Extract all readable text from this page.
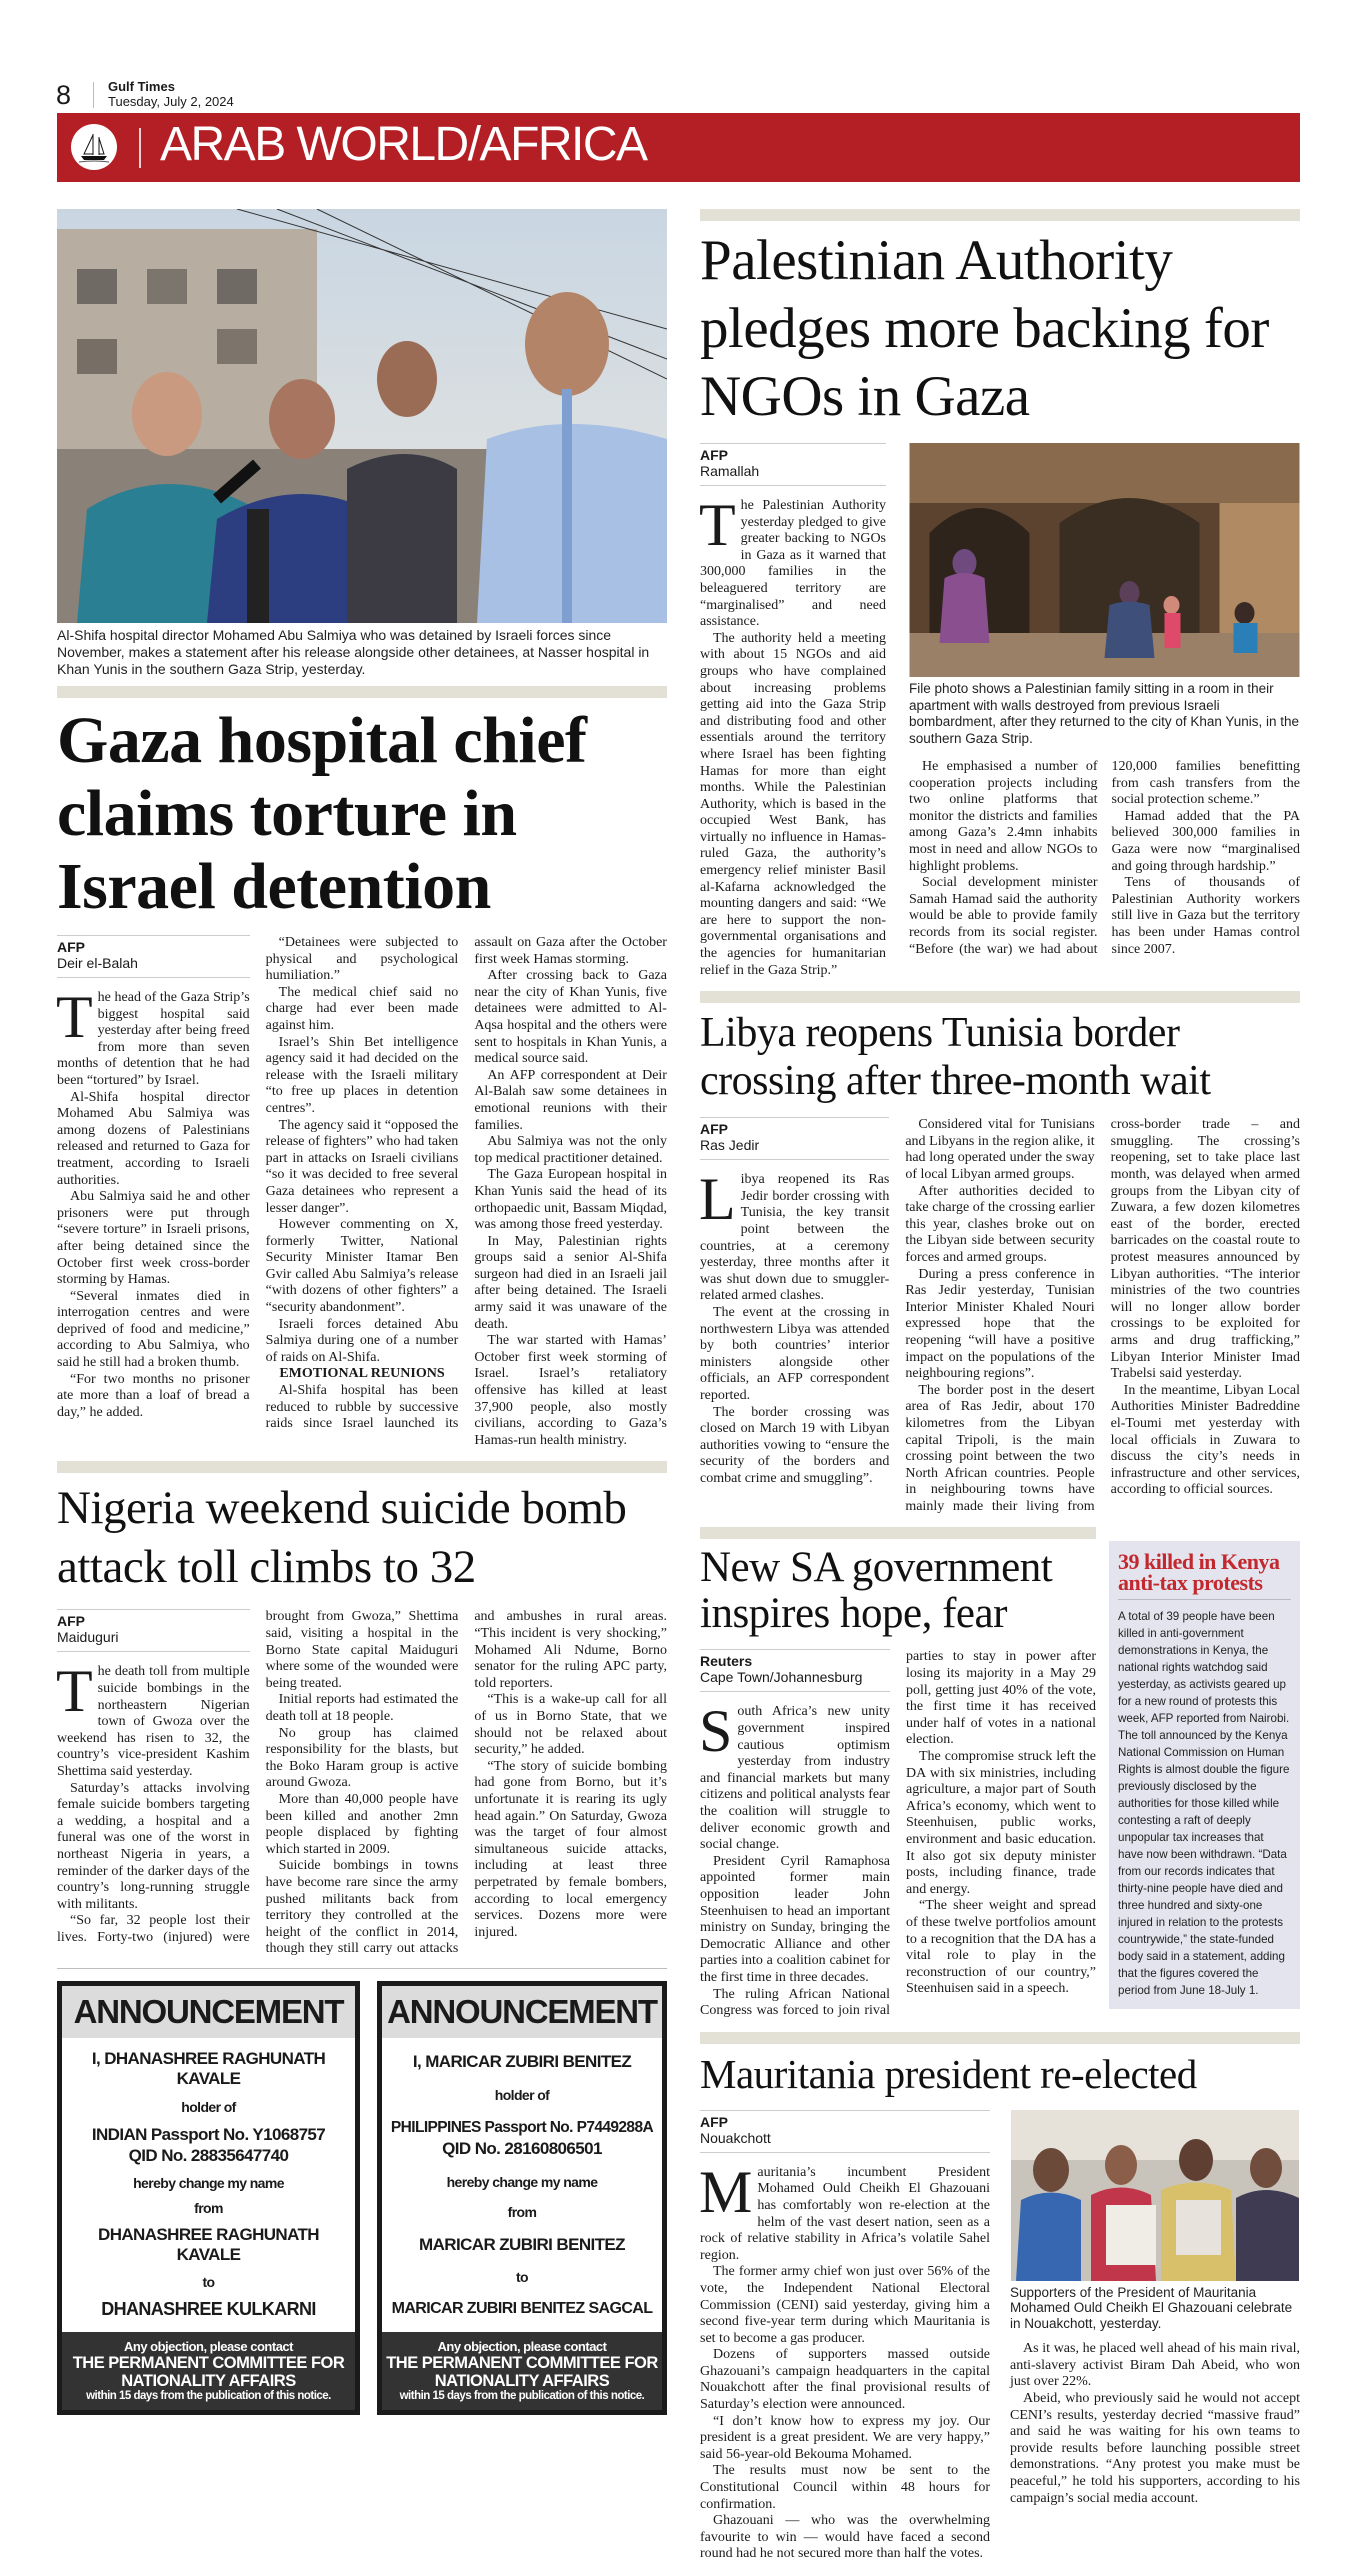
8	Gulf Times
Tuesday, July 2, 2024
ARAB WORLD/AFRICA
Al-Shifa hospital director Mohamed Abu Salmiya who was detained by Israeli forces since November, makes a statement after his release alongside other detainees, at Nasser hospital in Khan Yunis in the southern Gaza Strip, yesterday.
Gaza hospital chief claims torture in Israel detention
AFP
Deir el-Balah

The head of the Gaza Strip’s biggest hospital said yesterday after being freed from more than seven months of detention that he had been “tortured” by Israel.

Al-Shifa hospital director Mohamed Abu Salmiya was among dozens of Palestinians released and returned to Gaza for treatment, according to Israeli authorities.

Abu Salmiya said he and other prisoners were put through “severe torture” in Israeli prisons, after being detained since the October first week cross-border storming by Hamas.

“Several inmates died in interrogation centres and were deprived of food and medicine,” according to Abu Salmiya, who said he still had a broken thumb.

“For two months no prisoner ate more than a loaf of bread a day,” he added.

“Detainees were subjected to physical and psychological humiliation.”

The medical chief said no charge had ever been made against him.

Israel’s Shin Bet intelligence agency said it had decided on the release with the Israeli military “to free up places in detention centres”.

The agency said it “opposed the release of fighters” who had taken part in attacks on Israeli civilians “so it was decided to free several Gaza detainees who represent a lesser danger”.

However commenting on X, formerly Twitter, National Security Minister Itamar Ben Gvir called Abu Salmiya’s release “with dozens of other fighters” a “security abandonment”.

Israeli forces detained Abu Salmiya during one of a number of raids on Al-Shifa.

EMOTIONAL REUNIONS

Al-Shifa hospital has been reduced to rubble by successive raids since Israel launched its assault on Gaza after the October first week Hamas storming.

After crossing back to Gaza near the city of Khan Yunis, five detainees were admitted to Al-Aqsa hospital and the others were sent to hospitals in Khan Yunis, a medical source said.

An AFP correspondent at Deir Al-Balah saw some detainees in emotional reunions with their families.

Abu Salmiya was not the only top medical practitioner detained.

The Gaza European hospital in Khan Yunis said the head of its orthopaedic unit, Bassam Miqdad, was among those freed yesterday.

In May, Palestinian rights groups said a senior Al-Shifa surgeon had died in an Israeli jail after being detained. The Israeli army said it was unaware of the death.

The war started with Hamas’ October first week storming of Israel. Israel’s retaliatory offensive has killed at least 37,900 people, also mostly civilians, according to Gaza’s Hamas-run health ministry.

Nigeria weekend suicide bomb attack toll climbs to 32
AFP
Maiduguri

The death toll from multiple suicide bombings in the northeastern Nigerian town of Gwoza over the weekend has risen to 32, the country’s vice-president Kashim Shettima said yesterday.

Saturday’s attacks involving female suicide bombers targeting a wedding, a hospital and a funeral was one of the worst in northeast Nigeria in years, a reminder of the darker days of the country’s long-running struggle with militants.

“So far, 32 people lost their lives. Forty-two (injured) were brought from Gwoza,” Shettima said, visiting a hospital in the Borno State capital Maiduguri where some of the wounded were being treated.

Initial reports had estimated the death toll at 18 people.

No group has claimed responsibility for the blasts, but the Boko Haram group is active around Gwoza.

More than 40,000 people have been killed and another 2mn people displaced by fighting which started in 2009.

Suicide bombings in towns have become rare since the army pushed militants back from territory they controlled at the height of the conflict in 2014, though they still carry out attacks and ambushes in rural areas. “This incident is very shocking,” Mohamed Ali Ndume, Borno senator for the ruling APC party, told reporters.

“This is a wake-up call for all of us in Borno State, that we should not be relaxed about security,” he added.

“The story of suicide bombing had gone from Borno, but it’s unfortunate it is rearing its ugly head again.” On Saturday, Gwoza was the target of four almost simultaneous suicide attacks, including at least three perpetrated by female bombers, according to local emergency services. Dozens more were injured.

ANNOUNCEMENT
I, DHANASHREE RAGHUNATH KAVALE
holder of
INDIAN Passport No. Y1068757
QID No. 28835647740
hereby change my name
from
DHANASHREE RAGHUNATH KAVALE
to
DHANASHREE KULKARNI
Any objection, please contact
THE PERMANENT COMMITTEE FOR NATIONALITY AFFAIRS
within 15 days from the publication of this notice.
ANNOUNCEMENT
I, MARICAR ZUBIRI BENITEZ
holder of
PHILIPPINES Passport No. P7449288A
QID No. 28160806501
hereby change my name
from
MARICAR ZUBIRI BENITEZ
to
MARICAR ZUBIRI BENITEZ SAGCAL
Any objection, please contact
THE PERMANENT COMMITTEE FOR NATIONALITY AFFAIRS
within 15 days from the publication of this notice.
Palestinian Authority pledges more backing for NGOs in Gaza
AFP
Ramallah

The Palestinian Authority yesterday pledged to give greater backing to NGOs in Gaza as it warned that 300,000 families in the beleaguered territory are “marginalised” and need assistance.

The authority held a meeting with about 15 NGOs and aid groups who have complained about increasing problems getting aid into the Gaza Strip and distributing food and other essentials around the territory where Israel has been fighting Hamas for more than eight months. While the Palestinian Authority, which is based in the occupied West Bank, has virtually no influence in Hamas-ruled Gaza, the authority’s emergency relief minister Basil al-Kafarna acknowledged the mounting dangers and said: “We are here to support the non-governmental organisations and the agencies for humanitarian relief in the Gaza Strip.”

File photo shows a Palestinian family sitting in a room in their apartment with walls destroyed from previous Israeli bombardment, after they returned to the city of Khan Yunis, in the southern Gaza Strip.

He emphasised a number of cooperation projects including two online platforms that monitor the districts and families among Gaza’s 2.4mn inhabits most in need and allow NGOs to highlight problems.

Social development minister Samah Hamad said the authority would be able to provide family records from its social register. “Before (the war) we had about 120,000 families benefitting from cash transfers from the social protection scheme.”

Hamad added that the PA believed 300,000 families in Gaza were now “marginalised and going through hardship.”

Tens of thousands of Palestinian Authority workers still live in Gaza but the territory has been under Hamas control since 2007.

Libya reopens Tunisia border crossing after three-month wait
AFP
Ras Jedir

Libya reopened its Ras Jedir border crossing with Tunisia, the key transit point between the countries, at a ceremony yesterday, three months after it was shut down due to smuggler-related armed clashes.

The event at the crossing in northwestern Libya was attended by both countries’ interior ministers alongside other officials, an AFP correspondent reported.

The border crossing was closed on March 19 with Libyan authorities vowing to “ensure the security of the borders and combat crime and smuggling”.

Considered vital for Tunisians and Libyans in the region alike, it had long operated under the sway of local Libyan armed groups.

After authorities decided to take charge of the crossing earlier this year, clashes broke out on the Libyan side between security forces and armed groups.

During a press conference in Ras Jedir yesterday, Tunisian Interior Minister Khaled Nouri expressed hope that the reopening “will have a positive impact on the populations of the neighbouring regions”.

The border post in the desert area of Ras Jedir, about 170 kilometres from the Libyan capital Tripoli, is the main crossing point between the two North African countries. People in neighbouring towns have mainly made their living from cross-border trade – and smuggling. The crossing’s reopening, set to take place last month, was delayed when armed groups from the Libyan city of Zuwara, a few dozen kilometres east of the border, erected barricades on the coastal route to protest measures announced by Libyan authorities. “The interior ministries of the two countries will no longer allow border crossings to be exploited for arms and drug trafficking,” Libyan Interior Minister Imad Trabelsi said yesterday.

In the meantime, Libyan Local Authorities Minister Badreddine el-Toumi met yesterday with local officials in Zuwara to discuss the city’s needs in infrastructure and other services, according to official sources.

New SA government inspires hope, fear
Reuters
Cape Town/Johannesburg

South Africa’s new unity government inspired cautious optimism yesterday from industry and financial markets but many citizens and political analysts fear the coalition will struggle to deliver economic growth and social change.

President Cyril Ramaphosa appointed former main opposition leader John Steenhuisen to head an important ministry on Sunday, bringing the Democratic Alliance and other parties into a coalition cabinet for the first time in three decades.

The ruling African National Congress was forced to join rival parties to stay in power after losing its majority in a May 29 poll, getting just 40% of the vote, the first time it has received under half of votes in a national election.

The compromise struck left the DA with six ministries, including agriculture, a major part of South Africa’s economy, which went to Steenhuisen, public works, environment and basic education. It also got six deputy minister posts, including finance, trade and energy.

“The sheer weight and spread of these twelve portfolios amount to a recognition that the DA has a vital role to play in the reconstruction of our country,” Steenhuisen said in a speech.

39 killed in Kenya anti-tax protests
A total of 39 people have been killed in anti-government demonstrations in Kenya, the national rights watchdog said yesterday, as activists geared up for a new round of protests this week, AFP reported from Nairobi. The toll announced by the Kenya National Commission on Human Rights is almost double the figure previously disclosed by the authorities for those killed while contesting a raft of deeply unpopular tax increases that have now been withdrawn. “Data from our records indicates that thirty-nine people have died and three hundred and sixty-one injured in relation to the protests countrywide,” the state-funded body said in a statement, adding that the figures covered the period from June 18-July 1.
Mauritania president re-elected
AFP
Nouakchott

Mauritania’s incumbent President Mohamed Ould Cheikh El Ghazouani has comfortably won re-election at the helm of the vast desert nation, seen as a rock of relative stability in Africa’s volatile Sahel region.

The former army chief won just over 56% of the vote, the Independent National Electoral Commission (CENI) said yesterday, giving him a second five-year term during which Mauritania is set to become a gas producer.

Dozens of supporters massed outside Ghazouani’s campaign headquarters in the capital Nouakchott after the final provisional results of Saturday’s election were announced.

“I don’t know how to express my joy. Our president is a great president. We are very happy,” said 56-year-old Bekouma Mohamed.

The results must now be sent to the Constitutional Council within 48 hours for confirmation.

Ghazouani — who was the overwhelming favourite to win — would have faced a second round had he not secured more than half the votes.

Supporters of the President of Mauritania Mohamed Ould Cheikh El Ghazouani celebrate in Nouakchott, yesterday.

As it was, he placed well ahead of his main rival, anti-slavery activist Biram Dah Abeid, who won just over 22%.

Abeid, who previously said he would not accept CENI’s results, yesterday decried “massive fraud” and said he was waiting for his own teams to provide results before launching possible street demonstrations. “Any protest you make must be peaceful,” he told his supporters, according to his campaign’s social media account.
